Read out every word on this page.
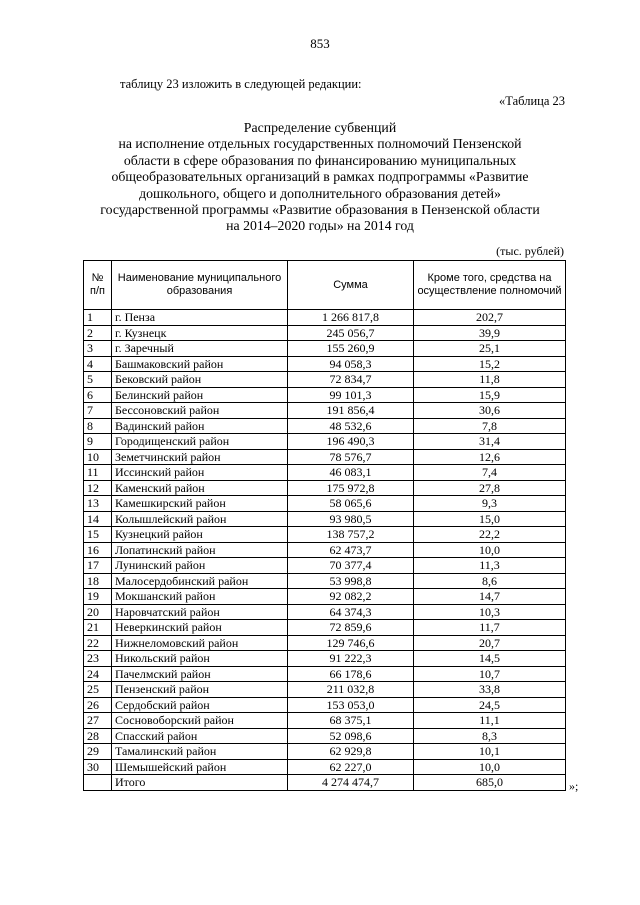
853
таблицу 23 изложить в следующей редакции:
«Таблица 23
Распределение субвенций
на исполнение отдельных государственных полномочий Пензенской
области в сфере образования по финансированию муниципальных
общеобразовательных организаций в рамках подпрограммы «Развитие
дошкольного, общего и дополнительного образования детей»
государственной программы «Развитие образования в Пензенской области
на 2014–2020 годы» на 2014 год
(тыс. рублей)
№ п/п	Наименование муниципального образования	Сумма	Кроме того, средства на осуществление полномочий
1	г. Пенза	1 266 817,8	202,7
2	г. Кузнецк	245 056,7	39,9
3	г. Заречный	155 260,9	25,1
4	Башмаковский район	94 058,3	15,2
5	Бековский район	72 834,7	11,8
6	Белинский район	99 101,3	15,9
7	Бессоновский район	191 856,4	30,6
8	Вадинский район	48 532,6	7,8
9	Городищенский район	196 490,3	31,4
10	Земетчинский район	78 576,7	12,6
11	Иссинский район	46 083,1	7,4
12	Каменский район	175 972,8	27,8
13	Камешкирский район	58 065,6	9,3
14	Колышлейский район	93 980,5	15,0
15	Кузнецкий район	138 757,2	22,2
16	Лопатинский район	62 473,7	10,0
17	Лунинский район	70 377,4	11,3
18	Малосердобинский район	53 998,8	8,6
19	Мокшанский район	92 082,2	14,7
20	Наровчатский район	64 374,3	10,3
21	Неверкинский район	72 859,6	11,7
22	Нижнеломовский район	129 746,6	20,7
23	Никольский район	91 222,3	14,5
24	Пачелмский район	66 178,6	10,7
25	Пензенский район	211 032,8	33,8
26	Сердобский район	153 053,0	24,5
27	Сосновоборский район	68 375,1	11,1
28	Спасский район	52 098,6	8,3
29	Тамалинский район	62 929,8	10,1
30	Шемышейский район	62 227,0	10,0
	Итого	4 274 474,7	685,0	»;
